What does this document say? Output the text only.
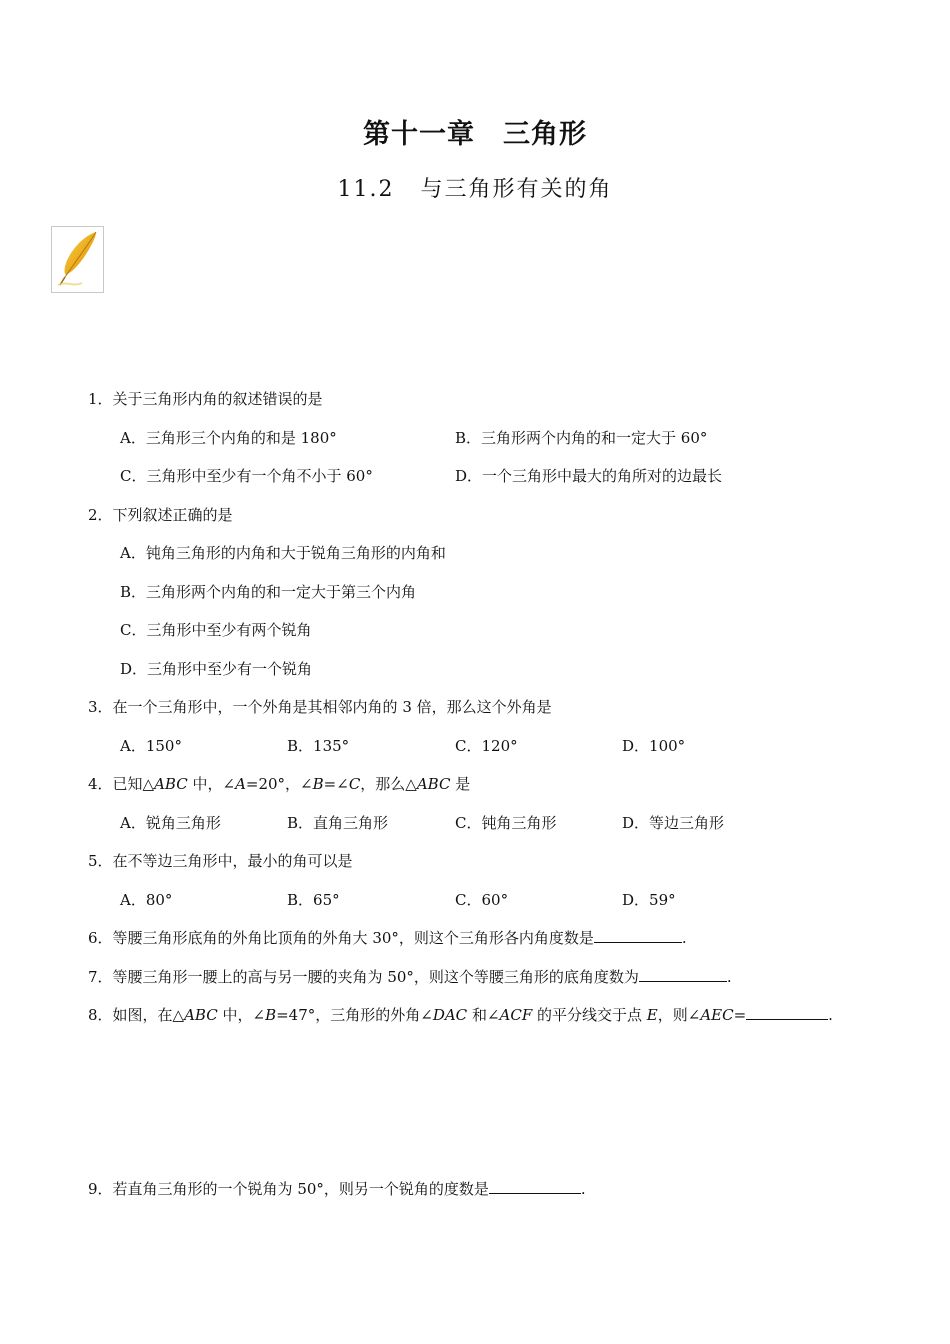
第十一章　三角形
11.2 与三角形有关的角
1．关于三角形内角的叙述错误的是
A．三角形三个内角的和是 180°	B．三角形两个内角的和一定大于 60°
C．三角形中至少有一个角不小于 60°	D．一个三角形中最大的角所对的边最长
2．下列叙述正确的是
A．钝角三角形的内角和大于锐角三角形的内角和
B．三角形两个内角的和一定大于第三个内角
C．三角形中至少有两个锐角
D．三角形中至少有一个锐角
3．在一个三角形中，一个外角是其相邻内角的 3 倍，那么这个外角是
A．150°	B．135°	C．120°	D．100°
4．已知△ABC 中，∠A=20°，∠B=∠C，那么△ABC 是
A．锐角三角形	B．直角三角形	C．钝角三角形	D．等边三角形
5．在不等边三角形中，最小的角可以是
A．80°	B．65°	C．60°	D．59°
6．等腰三角形底角的外角比顶角的外角大 30°，则这个三角形各内角度数是	.
7．等腰三角形一腰上的高与另一腰的夹角为 50°，则这个等腰三角形的底角度数为	.
8．如图，在△ABC 中，∠B=47°，三角形的外角∠DAC 和∠ACF 的平分线交于点 E，则∠AEC=	.
9．若直角三角形的一个锐角为 50°，则另一个锐角的度数是	.
